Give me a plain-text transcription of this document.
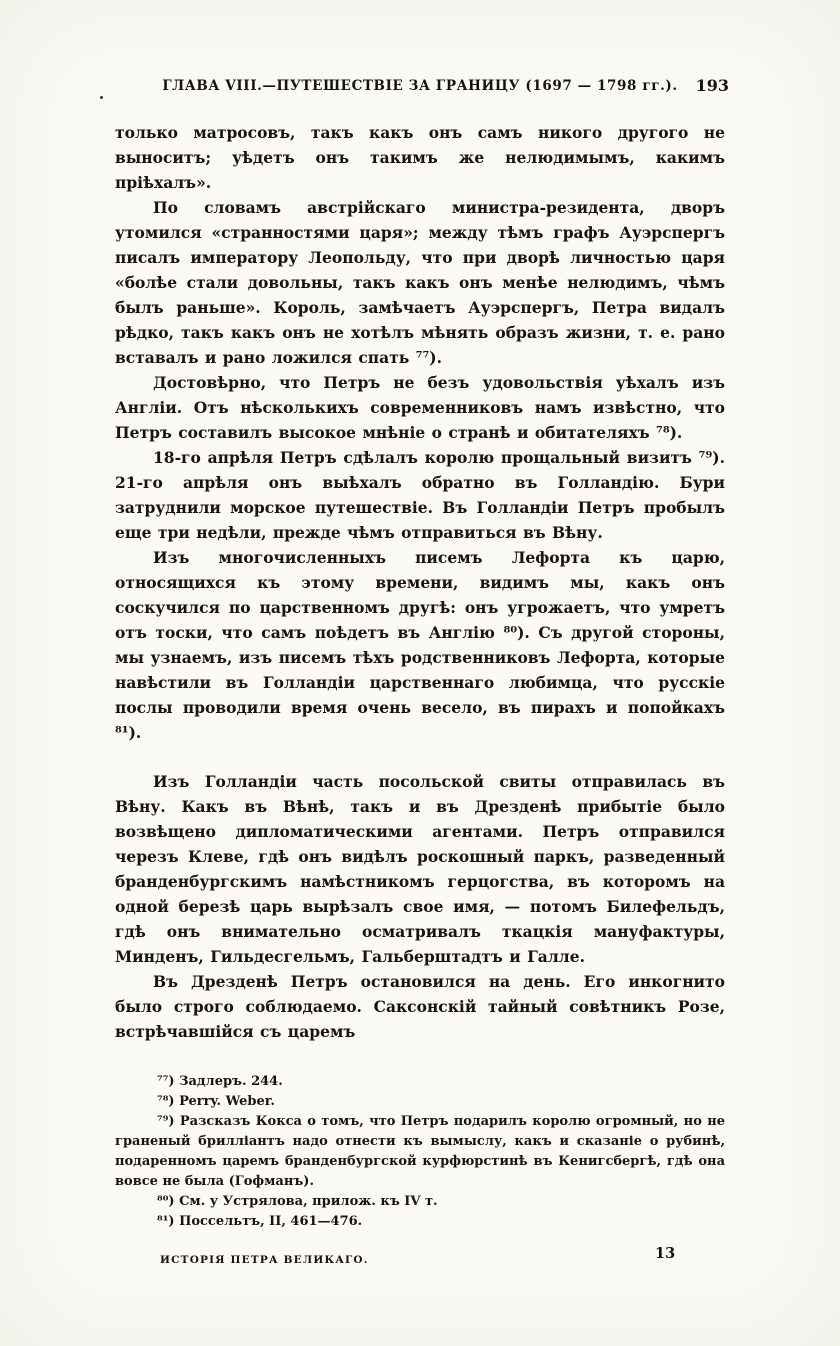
ГЛАВА VIII.—ПУТЕШЕСТВІЕ ЗА ГРАНИЦУ (1697 — 1798 гг.). 193

только матросовъ, такъ какъ онъ самъ никого другого не выноситъ; уѣдетъ онъ такимъ же нелюдимымъ, какимъ пріѣхалъ».

По словамъ австрійскаго министра-резидента, дворъ утомился «странностями царя»; между тѣмъ графъ Ауэрспергъ писалъ императору Леопольду, что при дворѣ личностью царя «болѣе стали довольны, такъ какъ онъ менѣе нелюдимъ, чѣмъ былъ раньше». Король, замѣчаетъ Ауэрспергъ, Петра видалъ рѣдко, такъ какъ онъ не хотѣлъ мѣнять образъ жизни, т. е. рано вставалъ и рано ложился спать ⁷⁷).

Достовѣрно, что Петръ не безъ удовольствія уѣхалъ изъ Англіи. Отъ нѣсколькихъ современниковъ намъ извѣстно, что Петръ составилъ высокое мнѣніе о странѣ и обитателяхъ ⁷⁸).

18-го апрѣля Петръ сдѣлалъ королю прощальный визитъ ⁷⁹). 21-го апрѣля онъ выѣхалъ обратно въ Голландію. Бури затруднили морское путешествіе. Въ Голландіи Петръ пробылъ еще три недѣли, прежде чѣмъ отправиться въ Вѣну.

Изъ многочисленныхъ писемъ Лефорта къ царю, относящихся къ этому времени, видимъ мы, какъ онъ соскучился по царственномъ другѣ: онъ угрожаетъ, что умретъ отъ тоски, что самъ поѣдетъ въ Англію ⁸⁰). Съ другой стороны, мы узнаемъ, изъ писемъ тѣхъ родственниковъ Лефорта, которые навѣстили въ Голландіи царственнаго любимца, что русскіе послы проводили время очень весело, въ пирахъ и попойкахъ ⁸¹).

Изъ Голландіи часть посольской свиты отправилась въ Вѣну. Какъ въ Вѣнѣ, такъ и въ Дрезденѣ прибытіе было возвѣщено дипломатическими агентами. Петръ отправился черезъ Клеве, гдѣ онъ видѣлъ роскошный паркъ, разведенный бранденбургскимъ намѣстникомъ герцогства, въ которомъ на одной березѣ царь вырѣзалъ свое имя, — потомъ Билефельдъ, гдѣ онъ внимательно осматривалъ ткацкія мануфактуры, Минденъ, Гильдесгельмъ, Гальберштадтъ и Галле.

Въ Дрезденѣ Петръ остановился на день. Его инкогнито было строго соблюдаемо. Саксонскій тайный совѣтникъ Розе, встрѣчавшійся съ царемъ

⁷⁷) Задлеръ. 244.

⁷⁸) Perry. Weber.

⁷⁹) Разсказъ Кокса о томъ, что Петръ подарилъ королю огромный, но не граненый брилліантъ надо отнести къ вымыслу, какъ и сказаніе о рубинѣ, подаренномъ царемъ бранденбургской курфюрстинѣ въ Кенигсбергѣ, гдѣ она вовсе не была (Гофманъ).

⁸⁰) См. у Устрялова, прилож. къ IV т.

⁸¹) Поссельтъ, II, 461—476.

ИСТОРІЯ ПЕТРА ВЕЛИКАГО.	13
